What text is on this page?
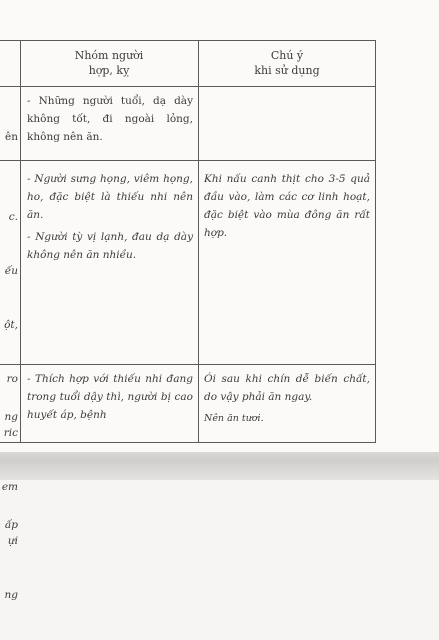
Nhóm người
hợp, kỵ
Chú ý
khi sử dụng

ên

c.

ếu

ột,

ro

ric

em

ựi

ng

ng

ấp

- Những người tuổi, dạ dày không tốt, đi ngoài lỏng, không nên ăn.

- Người sưng họng, viêm họng, ho, đặc biệt là thiếu nhi nên ăn.

- Người tỳ vị lạnh, đau dạ dày không nên ăn nhiều.

Khi nấu canh thịt cho 3-5 quả đầu vào, làm các cơ linh hoạt, đặc biệt vào mùa đông ăn rất hợp.

- Thích hợp với thiếu nhi đang trong tuổi dậy thì, người bị cao huyết áp, bệnh

Ói sau khi chín dễ biến chất, do vậy phải ăn ngay.

Nên ăn tươi.
